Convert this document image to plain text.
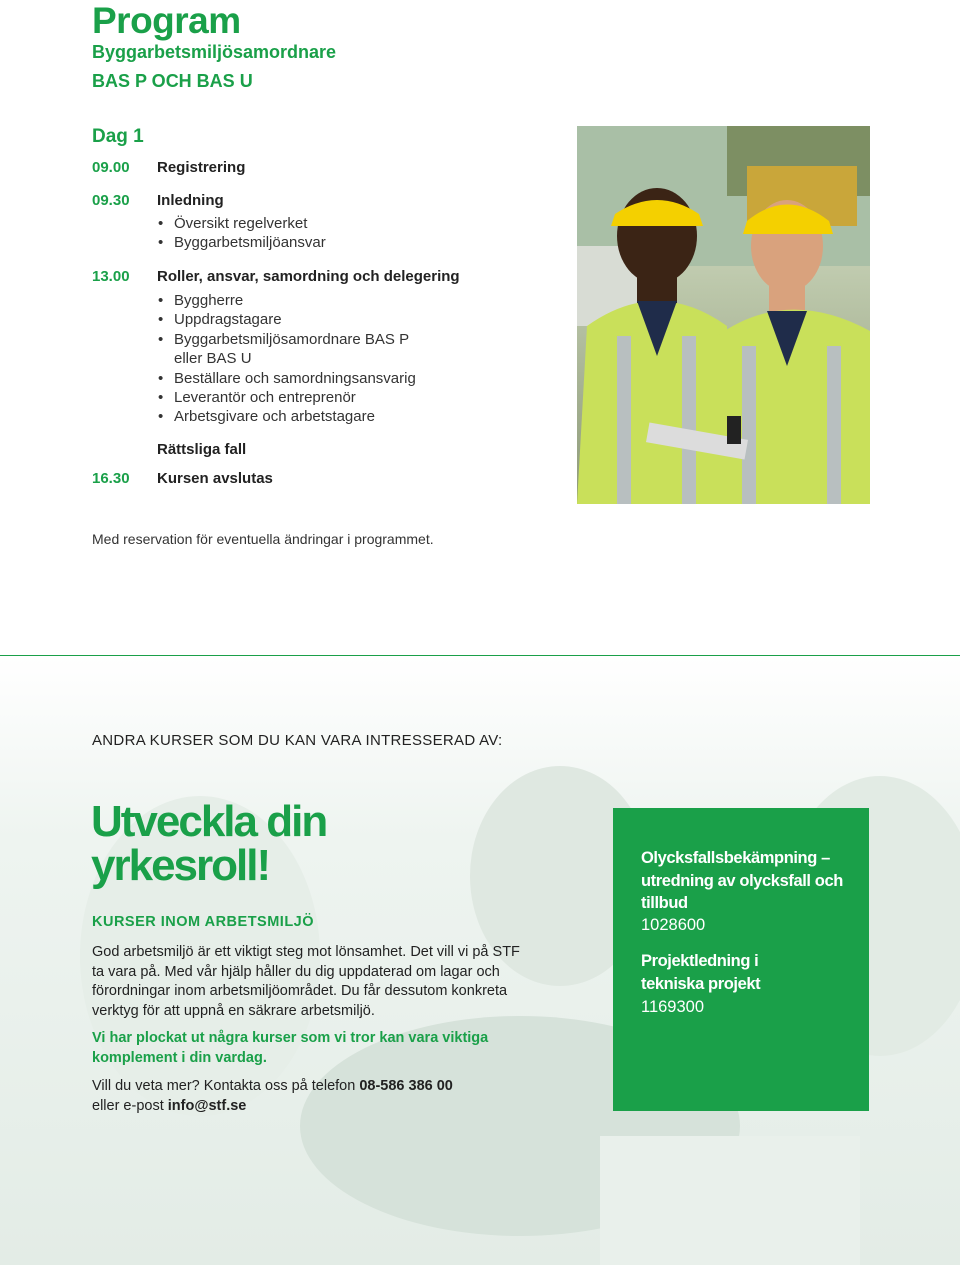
Program
Byggarbetsmiljösamordnare
BAS P OCH BAS U
Dag 1
09.00 Registrering
09.30 Inledning
• Översikt regelverket
• Byggarbetsmiljöansvar
13.00 Roller, ansvar, samordning och delegering
• Byggherre
• Uppdragstagare
• Byggarbetsmiljösamordnare BAS P
eller BAS U
• Beställare och samordningsansvarig
• Leverantör och entreprenör
• Arbetsgivare och arbetstagare
Rättsliga fall
16.30 Kursen avslutas
Med reservation för eventuella ändringar i programmet.
ANDRA KURSER SOM DU KAN VARA INTRESSERAD AV:
Utveckla din yrkesroll!
KURSER INOM ARBETSMILJÖ

God arbetsmiljö är ett viktigt steg mot lönsamhet. Det vill vi på STF ta vara på. Med vår hjälp håller du dig uppdaterad om lagar och förordningar inom arbetsmiljöområdet. Du får dessutom konkreta verktyg för att uppnå en säkrare arbetsmiljö.

Vi har plockat ut några kurser som vi tror kan vara viktiga komplement i din vardag.

Vill du veta mer? Kontakta oss på telefon 08-586 386 00
eller e-post info@stf.se

Olycksfallsbekämpning – utredning av olycksfall och tillbud
1028600
Projektledning i tekniska projekt
1169300
